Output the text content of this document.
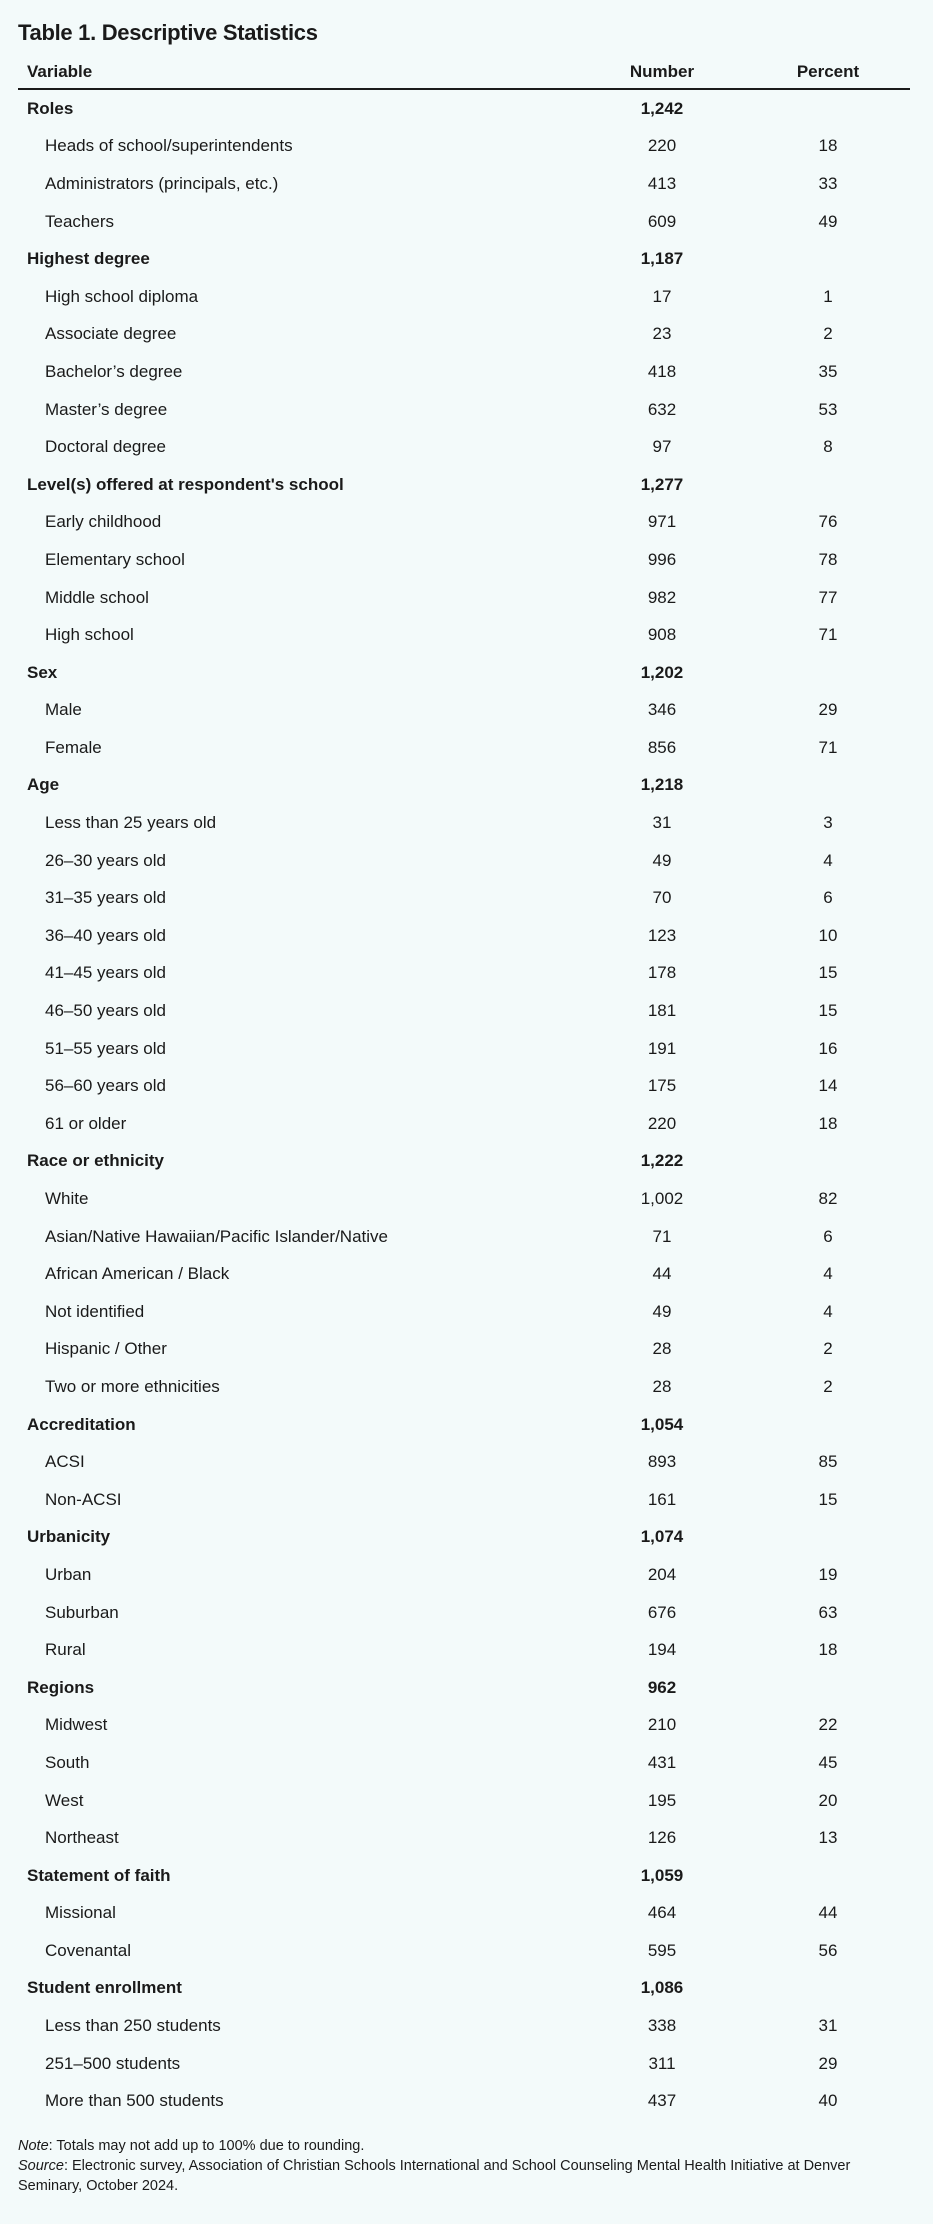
Table 1. Descriptive Statistics
Variable	Number	Percent
Roles	1,242
Heads of school/superintendents	220	18
Administrators (principals, etc.)	413	33
Teachers	609	49
Highest degree	1,187
High school diploma	17	1
Associate degree	23	2
Bachelor’s degree	418	35
Master’s degree	632	53
Doctoral degree	97	8
Level(s) offered at respondent's school	1,277
Early childhood	971	76
Elementary school	996	78
Middle school	982	77
High school	908	71
Sex	1,202
Male	346	29
Female	856	71
Age	1,218
Less than 25 years old	31	3
26–30 years old	49	4
31–35 years old	70	6
36–40 years old	123	10
41–45 years old	178	15
46–50 years old	181	15
51–55 years old	191	16
56–60 years old	175	14
61 or older	220	18
Race or ethnicity	1,222
White	1,002	82
Asian/Native Hawaiian/Pacific Islander/Native	71	6
African American / Black	44	4
Not identified	49	4
Hispanic / Other	28	2
Two or more ethnicities	28	2
Accreditation	1,054
ACSI	893	85
Non-ACSI	161	15
Urbanicity	1,074
Urban	204	19
Suburban	676	63
Rural	194	18
Regions	962
Midwest	210	22
South	431	45
West	195	20
Northeast	126	13
Statement of faith	1,059
Missional	464	44
Covenantal	595	56
Student enrollment	1,086
Less than 250 students	338	31
251–500 students	311	29
More than 500 students	437	40
Note: Totals may not add up to 100% due to rounding.
Source: Electronic survey, Association of Christian Schools International and School Counseling Mental Health Initiative at Denver Seminary, October 2024.
